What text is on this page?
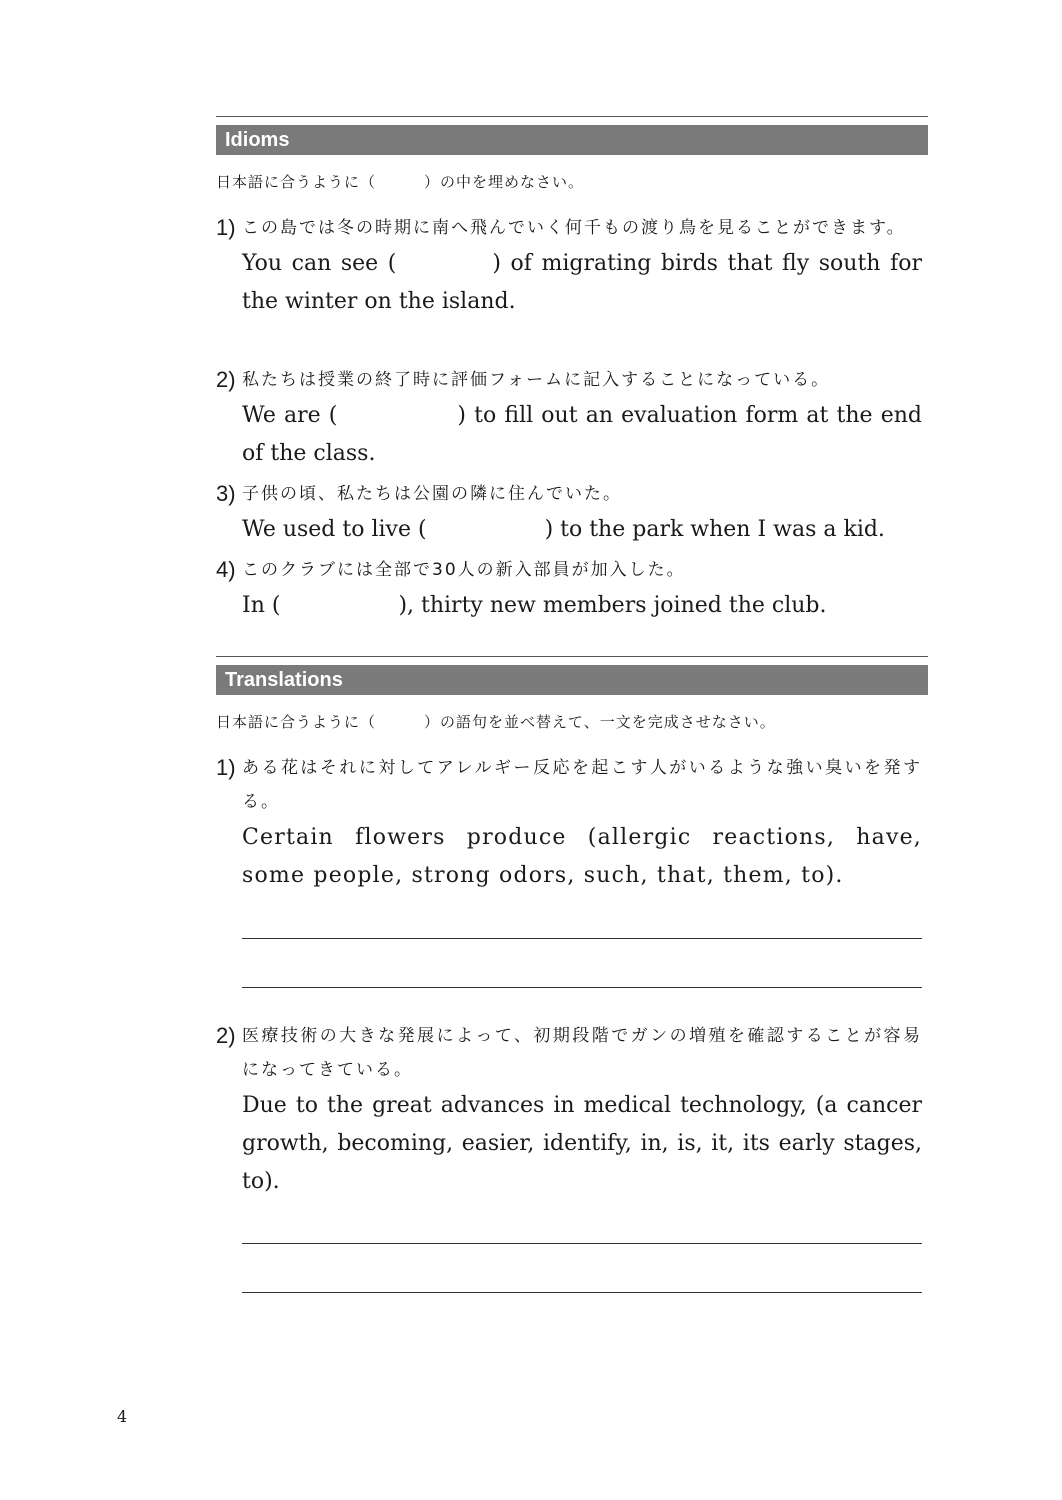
Idioms
日本語に合うように（　　　）の中を埋めなさい。
1) この島では冬の時期に南へ飛んでいく何千もの渡り鳥を見ることができます。
You can see (	) of migrating birds that fly south for the winter on the island.
2) 私たちは授業の終了時に評価フォームに記入することになっている。
We are (	) to fill out an evaluation form at the end of the class.
3) 子供の頃、私たちは公園の隣に住んでいた。
We used to live (	) to the park when I was a kid.
4) このクラブには全部で30人の新入部員が加入した。
In (	), thirty new members joined the club.
Translations
日本語に合うように（　　　）の語句を並べ替えて、一文を完成させなさい。
1) ある花はそれに対してアレルギー反応を起こす人がいるような強い臭いを発する。
Certain flowers produce (allergic reactions, have, some people, strong odors, such, that, them, to).
2) 医療技術の大きな発展によって、初期段階でガンの増殖を確認することが容易になってきている。
Due to the great advances in medical technology, (a cancer growth, becoming, easier, identify, in, is, it, its early stages, to).
4
